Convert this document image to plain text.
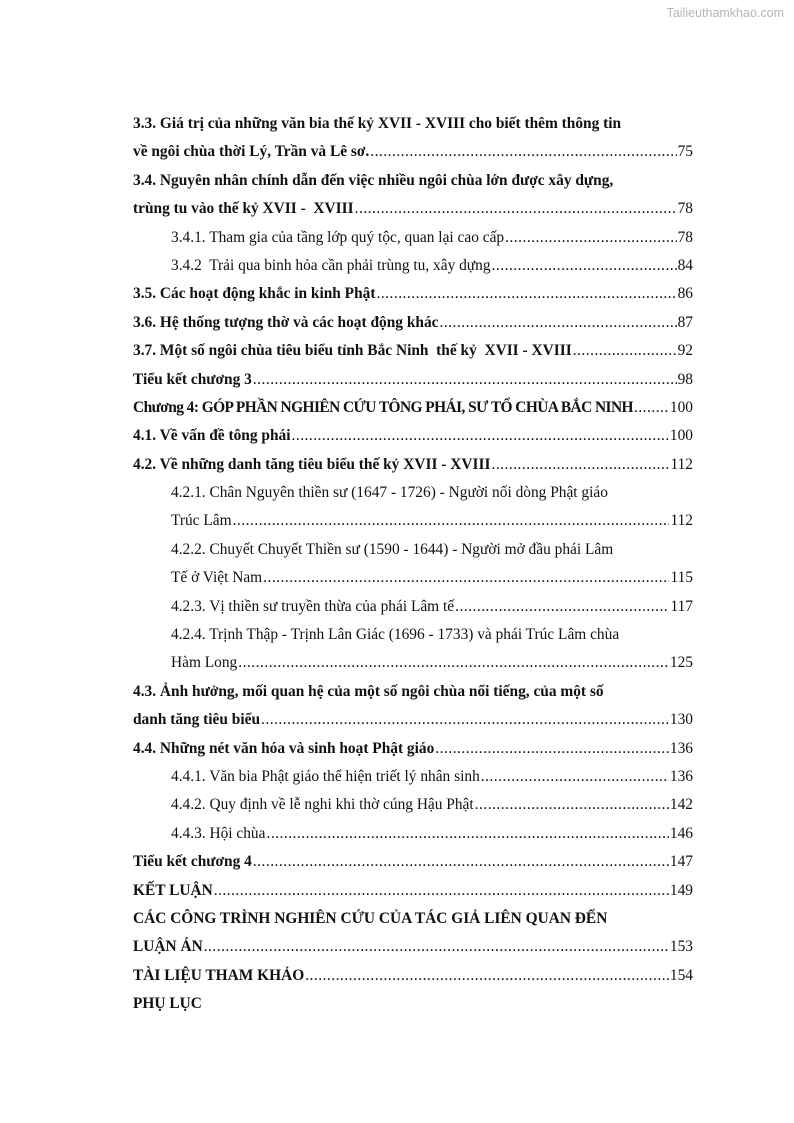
Tailieuthamkhao.com
3.3. Giá trị của những văn bia thế kỷ XVII - XVIII cho biết thêm thông tin
về ngôi chùa thời Lý, Trần và Lê sơ. .....	75
3.4. Nguyên nhân chính dẫn đến việc nhiều ngôi chùa lớn được xây dựng,
trùng tu vào thế kỷ XVII -  XVIII .....	78
3.4.1. Tham gia của tầng lớp quý tộc, quan lại cao cấp .....	78
3.4.2  Trải qua binh hỏa cần phải trùng tu, xây dựng .....	84
3.5. Các hoạt động khắc in kinh Phật .....	86
3.6. Hệ thống tượng thờ và các hoạt động khác .....	87
3.7. Một số ngôi chùa tiêu biểu tỉnh Bắc Ninh  thế kỷ  XVII - XVIII .....	92
Tiểu kết chương 3 .....	98
Chương 4: GÓP PHẦN NGHIÊN CỨU TÔNG PHÁI, SƯ TỔ CHÙA BẮC NINH ..... 100
4.1. Về vấn đề tông phái .....	100
4.2. Về những danh tăng tiêu biểu thế kỷ XVII - XVIII .....	112
4.2.1. Chân Nguyên thiền sư (1647 - 1726) - Người nối dòng Phật giáo
Trúc Lâm .....	112
4.2.2. Chuyết Chuyết Thiền sư (1590 - 1644) - Người mở đầu phái Lâm
Tế ở Việt Nam .....	115
4.2.3. Vị thiền sư truyền thừa của phái Lâm tế .....	117
4.2.4. Trịnh Thập - Trịnh Lân Giác (1696 - 1733) và phái Trúc Lâm chùa
Hàm Long .....	125
4.3. Ảnh hưởng, mối quan hệ của một số ngôi chùa nổi tiếng, của một số
danh tăng tiêu biểu .....	130
4.4. Những nét văn hóa và sinh hoạt Phật giáo .....	136
4.4.1. Văn bia Phật giáo thể hiện triết lý nhân sinh .....	136
4.4.2. Quy định về lễ nghi khi thờ cúng Hậu Phật .....	142
4.4.3. Hội chùa .....	146
Tiểu kết chương 4 .....	147
KẾT LUẬN .....	149
CÁC CÔNG TRÌNH NGHIÊN CỨU CỦA TÁC GIẢ LIÊN QUAN ĐẾN
LUẬN ÁN .....	153
TÀI LIỆU THAM KHẢO .....	154
PHỤ LỤC
